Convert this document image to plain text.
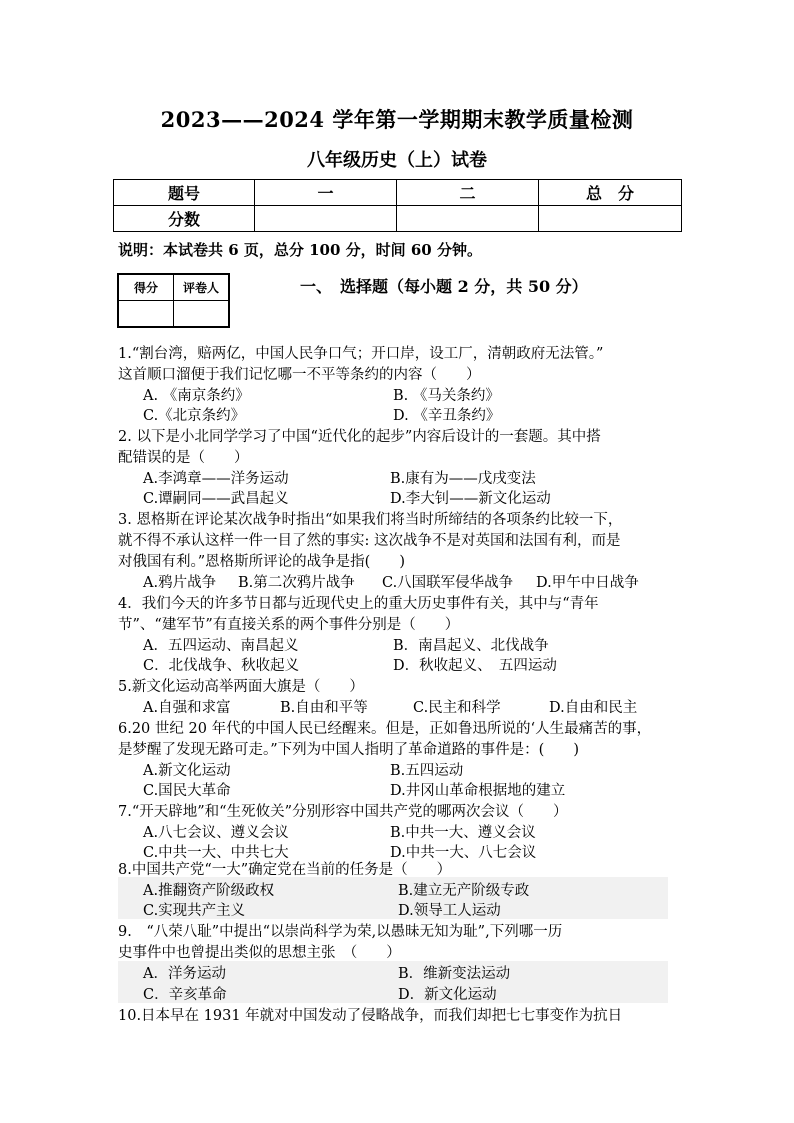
2023——2024 学年第一学期期末教学质量检测
八年级历史（上）试卷
题号	一	二	总　分
分数			
说明：本试卷共 6 页，总分 100 分，时间 60 分钟。
得分	评卷人
		一、　选择题（每小题 2 分，共 50 分）
1.“割台湾，赔两亿，中国人民争口气；开口岸，设工厂，清朝政府无法管。”
这首顺口溜便于我们记忆哪一不平等条约的内容（　　）
A. 《南京条约》	B. 《马关条约》
C.《北京条约》	D. 《辛丑条约》
2. 以下是小北同学学习了中国“近代化的起步”内容后设计的一套题。其中搭
配错误的是（　　）
A.李鸿章——洋务运动	B.康有为——戊戌变法
C.谭嗣同——武昌起义	D.李大钊——新文化运动
3. 恩格斯在评论某次战争时指出“如果我们将当时所缔结的各项条约比较一下，
就不得不承认这样一件一目了然的事实: 这次战争不是对英国和法国有利，而是
对俄国有利。”恩格斯所评论的战争是指(　　)
A.鸦片战争 B.第二次鸦片战争 C.八国联军侵华战争 D.甲午中日战争
4．我们今天的许多节日都与近现代史上的重大历史事件有关，其中与“青年
节”、“建军节”有直接关系的两个事件分别是（　　）
A．五四运动、南昌起义	B．南昌起义、北伐战争
C．北伐战争、秋收起义	D．秋收起义、　五四运动
5.新文化运动高举两面大旗是（　　）
A.自强和求富	B.自由和平等	C.民主和科学	D.自由和民主
6.20 世纪 20 年代的中国人民已经醒来。但是，正如鲁迅所说的‘人生最痛苦的事，
是梦醒了发现无路可走。”下列为中国人指明了革命道路的事件是：(　　)
A.新文化运动	B.五四运动
C.国民大革命	D.井冈山革命根据地的建立
7.“开天辟地”和“生死攸关”分别形容中国共产党的哪两次会议（　　）
A.八七会议、遵义会议	B.中共一大、遵义会议
C.中共一大、中共七大	D.中共一大、八七会议
8.中国共产党“一大”确定党在当前的任务是（　　）
A.推翻资产阶级政权	B.建立无产阶级专政
C.实现共产主义	D.领导工人运动
9.　“八荣八耻”中提出“以崇尚科学为荣,以愚昧无知为耻”,下列哪一历
史事件中也曾提出类似的思想主张　（　　）
A．洋务运动	B．维新变法运动
C．辛亥革命	D．新文化运动
10.日本早在 1931 年就对中国发动了侵略战争，而我们却把七七事变作为抗日
